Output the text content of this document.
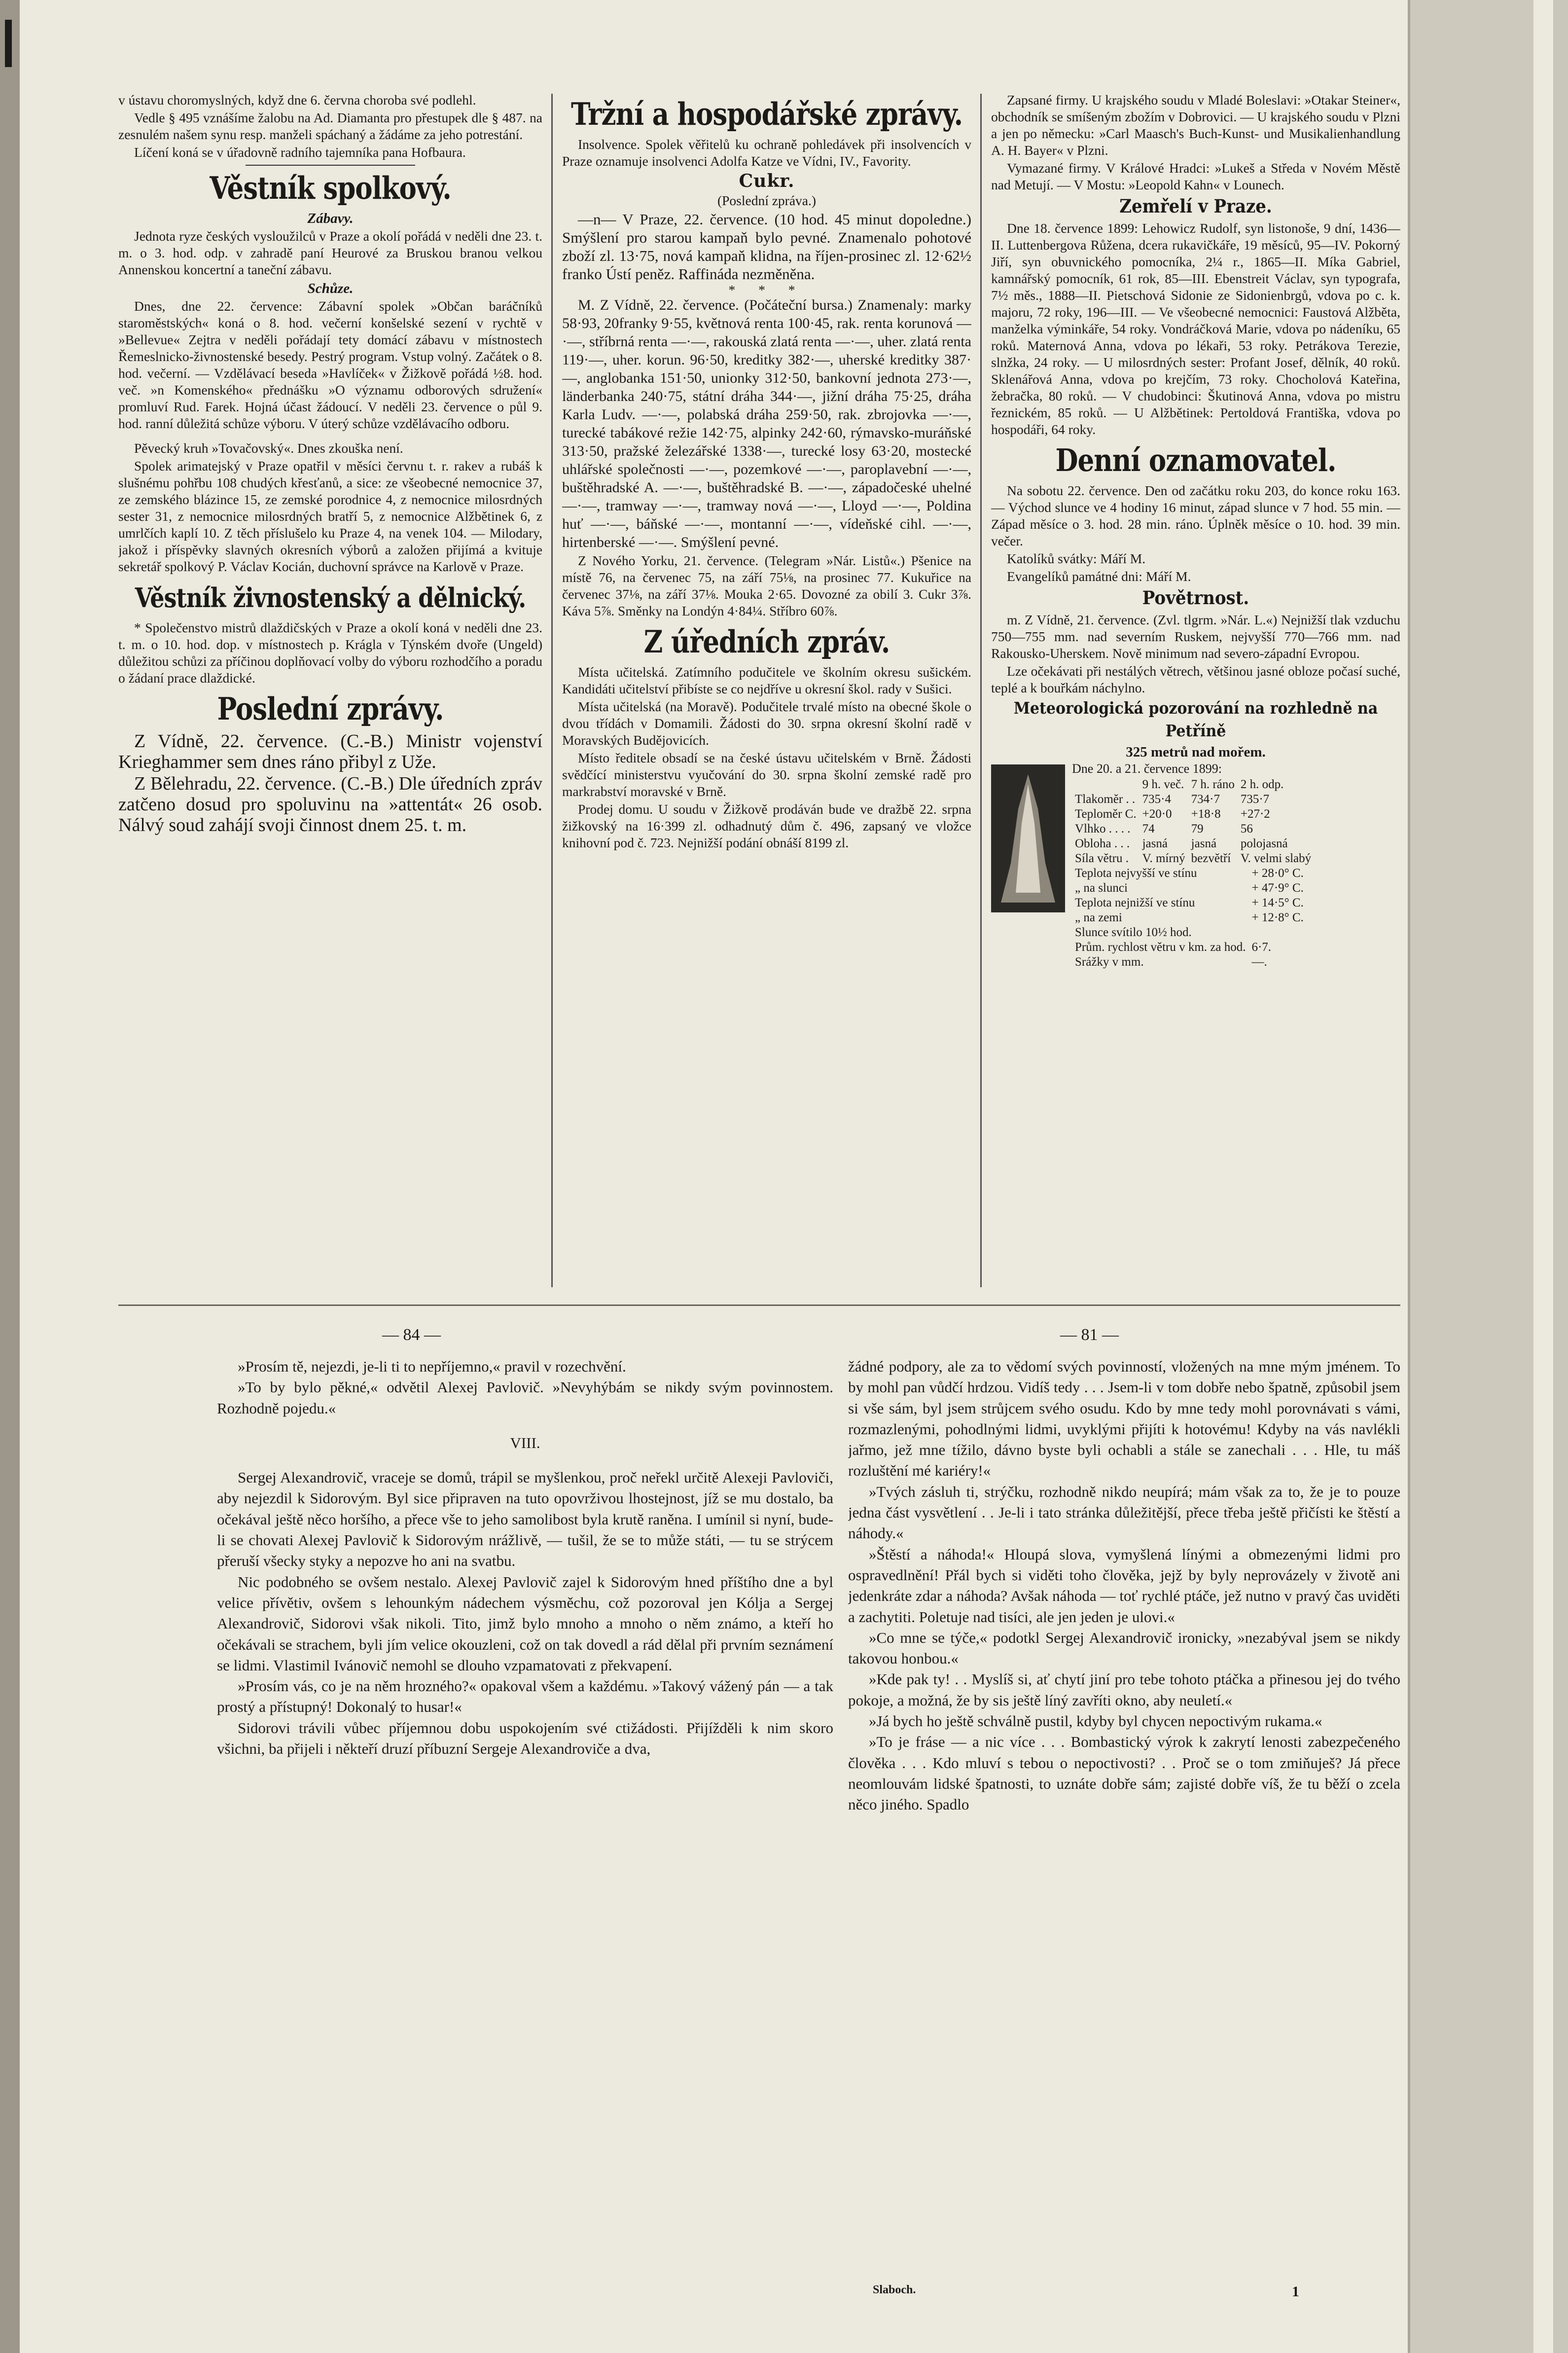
v ústavu choromyslných, když dne 6. června choroba své podlehl.

Vedle § 495 vznášíme žalobu na Ad. Diamanta pro přestupek dle § 487. na zesnulém našem synu resp. manželi spáchaný a žádáme za jeho potrestání.

Líčení koná se v úřadovně radního tajemníka pana Hofbaura.

Věstník spolkový.
Zábavy.

Jednota ryze českých vysloužilců v Praze a okolí pořádá v neděli dne 23. t. m. o 3. hod. odp. v zahradě paní Heurové za Bruskou branou velkou Annenskou koncertní a taneční zábavu.

Schůze.

Dnes, dne 22. července: Zábavní spolek »Občan baráčníků staroměstských« koná o 8. hod. večerní konšelské sezení v rychtě v »Bellevue« Zejtra v neděli pořádají tety domácí zábavu v místnostech Řemeslnicko-živnostenské besedy. Pestrý program. Vstup volný. Začátek o 8. hod. večerní. — Vzdělávací beseda »Havlíček« v Žižkově pořádá ½8. hod. več. »n Komenského« přednášku »O významu odborových sdružení« promluví Rud. Farek. Hojná účast žádoucí. V neděli 23. července o půl 9. hod. ranní důležitá schůze výboru. V úterý schůze vzdělávacího odboru.

Pěvecký kruh »Tovačovský«. Dnes zkouška není.

Spolek arimatejský v Praze opatřil v měsíci červnu t. r. rakev a rubáš k slušnému pohřbu 108 chudých křesťanů, a sice: ze všeobecné nemocnice 37, ze zemského blázince 15, ze zemské porodnice 4, z nemocnice milosrdných sester 31, z nemocnice milosrdných bratří 5, z nemocnice Alžbětinek 6, z umrlčích kaplí 10. Z těch příslušelo ku Praze 4, na venek 104. — Milodary, jakož i příspěvky slavných okresních výborů a založen přijímá a kvituje sekretář spolkový P. Václav Kocián, duchovní správce na Karlově v Praze.

Věstník živnostenský a dělnický.

* Společenstvo mistrů dlaždičských v Praze a okolí koná v neděli dne 23. t. m. o 10. hod. dop. v místnostech p. Krágla v Týnském dvoře (Ungeld) důležitou schůzi za příčinou doplňovací volby do výboru rozhodčího a poradu o žádaní prace dlaždické.

Poslední zprávy.

Z Vídně, 22. července. (C.-B.) Ministr vojenství Krieghammer sem dnes ráno přibyl z Uže.

Z Bělehradu, 22. července. (C.-B.) Dle úředních zpráv zatčeno dosud pro spoluvinu na »attentát« 26 osob. Nálvý soud zahájí svoji činnost dnem 25. t. m.

Tržní a hospodářské zprávy.

Insolvence. Spolek věřitelů ku ochraně pohledávek při insolvencích v Praze oznamuje insolvenci Adolfa Katze ve Vídni, IV., Favority.

Cukr.

(Poslední zpráva.)

—n— V Praze, 22. července. (10 hod. 45 minut dopoledne.) Smýšlení pro starou kampaň bylo pevné. Znamenalo pohotové zboží zl. 13·75, nová kampaň klidna, na říjen-prosinec zl. 12·62½ franko Ústí peněz. Raffináda nezměněna.

* * *

M. Z Vídně, 22. července. (Počáteční bursa.) Znamenaly: marky 58·93, 20franky 9·55, květnová renta 100·45, rak. renta korunová —·—, stříbrná renta —·—, rakouská zlatá renta —·—, uher. zlatá renta 119·—, uher. korun. 96·50, kreditky 382·—, uherské kreditky 387·—, anglobanka 151·50, unionky 312·50, bankovní jednota 273·—, länderbanka 240·75, státní dráha 344·—, jižní dráha 75·25, dráha Karla Ludv. —·—, polabská dráha 259·50, rak. zbrojovka —·—, turecké tabákové režie 142·75, alpinky 242·60, rýmavsko-muráňské 313·50, pražské železářské 1338·—, turecké losy 63·20, mostecké uhlářské společnosti —·—, pozemkové —·—, paroplavební —·—, buštěhradské A. —·—, buštěhradské B. —·—, západočeské uhelné —·—, tramway —·—, tramway nová —·—, Lloyd —·—, Poldina huť —·—, báňské —·—, montanní —·—, vídeňské cihl. —·—, hirtenberské —·—. Smýšlení pevné.

Z Nového Yorku, 21. července. (Telegram »Nár. Listů«.) Pšenice na místě 76, na červenec 75, na září 75⅛, na prosinec 77. Kukuřice na červenec 37⅛, na září 37⅛. Mouka 2·65. Dovozné za obilí 3. Cukr 3⅞. Káva 5⅞. Směnky na Londýn 4·84¼. Stříbro 60⅞.

Z úředních zpráv.

Místa učitelská. Zatímního podučitele ve školním okresu sušickém. Kandidáti učitelství přibíste se co nejdříve u okresní škol. rady v Sušici.

Místa učitelská (na Moravě). Podučitele trvalé místo na obecné škole o dvou třídách v Domamili. Žádosti do 30. srpna okresní školní radě v Moravských Budějovicích.

Místo ředitele obsadí se na české ústavu učitelském v Brně. Žádosti svědčící ministerstvu vyučování do 30. srpna školní zemské radě pro markrabství moravské v Brně.

Prodej domu. U soudu v Žižkově prodáván bude ve dražbě 22. srpna žižkovský na 16·399 zl. odhadnutý dům č. 496, zapsaný ve vložce knihovní pod č. 723. Nejnižší podání obnáší 8199 zl.

Zapsané firmy. U krajského soudu v Mladé Boleslavi: »Otakar Steiner«, obchodník se smíšeným zbožím v Dobrovici. — U krajského soudu v Plzni a jen po německu: »Carl Maasch's Buch-Kunst- und Musikalienhandlung A. H. Bayer« v Plzni.

Vymazané firmy. V Králové Hradci: »Lukeš a Středa v Novém Městě nad Metují. — V Mostu: »Leopold Kahn« v Lounech.

Zemřelí v Praze.

Dne 18. července 1899: Lehowicz Rudolf, syn listonoše, 9 dní, 1436—II. Luttenbergova Růžena, dcera rukavičkáře, 19 měsíců, 95—IV. Pokorný Jiří, syn obuvnického pomocníka, 2¼ r., 1865—II. Míka Gabriel, kamnářský pomocník, 61 rok, 85—III. Ebenstreit Václav, syn typografa, 7½ měs., 1888—II. Pietschová Sidonie ze Sidonienbrgů, vdova po c. k. majoru, 72 roky, 196—III. — Ve všeobecné nemocnici: Faustová Alžběta, manželka výminkáře, 54 roky. Vondráčková Marie, vdova po nádeníku, 65 roků. Maternová Anna, vdova po lékaři, 53 roky. Petrákova Terezie, slnžka, 24 roky. — U milosrdných sester: Profant Josef, dělník, 40 roků. Sklenářová Anna, vdova po krejčím, 73 roky. Chocholová Kateřina, žebračka, 80 roků. — V chudobinci: Škutinová Anna, vdova po mistru řeznickém, 85 roků. — U Alžbětinek: Pertoldová Františka, vdova po hospodáři, 64 roky.

Denní oznamovatel.

Na sobotu 22. července. Den od začátku roku 203, do konce roku 163. — Východ slunce ve 4 hodiny 16 minut, západ slunce v 7 hod. 55 min. — Západ měsíce o 3. hod. 28 min. ráno. Úplněk měsíce o 10. hod. 39 min. večer.

Katolíků svátky: Máří M.

Evangelíků památné dni: Máří M.

Povětrnost.

m. Z Vídně, 21. července. (Zvl. tlgrm. »Nár. L.«) Nejnižší tlak vzduchu 750—755 mm. nad severním Ruskem, nejvyšší 770—766 mm. nad Rakousko-Uherskem. Nově minimum nad severo-západní Evropou.

Lze očekávati při nestálých větrech, většinou jasné obloze počasí suché, teplé a k bouřkám náchylno.

Meteorologická pozorování na rozhledně na Petříně
325 metrů nad mořem.

Dne 20. a 21. července 1899:

	9 h. več.	7 h. ráno	2 h. odp.
Tlakoměr . .	735·4	734·7	735·7
Teploměr C.	+20·0	+18·8	+27·2
Vlhko . . . .	74	79	56
Obloha . . .	jasná	jasná	polojasná
Síla větru .	V. mírný	bezvětří	V. velmi slabý
Teplota nejvyšší ve stínu	+ 28·0° C.
„ na slunci	+ 47·9° C.
Teplota nejnižší ve stínu	+ 14·5° C.
„ na zemi	+ 12·8° C.
Slunce svítilo 10½ hod.	
Prům. rychlost větru v km. za hod.	6·7.
Srážky v mm.	—.
— 84 —	— 81 —

»Prosím tě, nejezdi, je-li ti to nepříjemno,« pravil v rozechvění.

»To by bylo pěkné,« odvětil Alexej Pavlovič. »Nevyhýbám se nikdy svým povinnostem. Rozhodně pojedu.«

VIII.

Sergej Alexandrovič, vraceje se domů, trápil se myšlenkou, proč neřekl určitě Alexeji Pavloviči, aby nejezdil k Sidorovým. Byl sice připraven na tuto opovrživou lhostejnost, jíž se mu dostalo, ba očekával ještě něco horšího, a přece vše to jeho samolibost byla krutě raněna. I umínil si nyní, bude-li se chovati Alexej Pavlovič k Sidorovým nrážlivě, — tušil, že se to může státi, — tu se strýcem přeruší všecky styky a nepozve ho ani na svatbu.

Nic podobného se ovšem nestalo. Alexej Pavlovič zajel k Sidorovým hned příštího dne a byl velice přívětiv, ovšem s lehounkým nádechem výsměchu, což pozoroval jen Kólja a Sergej Alexandrovič, Sidorovi však nikoli. Tito, jimž bylo mnoho a mnoho o něm známo, a kteří ho očekávali se strachem, byli jím velice okouzleni, což on tak dovedl a rád dělal při prvním seznámení se lidmi. Vlastimil Ivánovič nemohl se dlouho vzpamatovati z překvapení.

»Prosím vás, co je na něm hrozného?« opakoval všem a každému. »Takový vážený pán — a tak prostý a přístupný! Dokonalý to husar!«

Sidorovi trávili vůbec příjemnou dobu uspokojením své ctižádosti. Přijížděli k nim skoro všichni, ba přijeli i někteří druzí příbuzní Sergeje Alexandroviče a dva,

žádné podpory, ale za to vědomí svých povinností, vložených na mne mým jménem. To by mohl pan vůdčí hrdzou. Vidíš tedy . . . Jsem-li v tom dobře nebo špatně, způsobil jsem si vše sám, byl jsem strůjcem svého osudu. Kdo by mne tedy mohl porovnávati s vámi, rozmazlenými, pohodlnými lidmi, uvyklými přijíti k hotovému! Kdyby na vás navlékli jařmo, jež mne tížilo, dávno byste byli ochabli a stále se zanechali . . . Hle, tu máš rozluštění mé kariéry!«

»Tvých zásluh ti, strýčku, rozhodně nikdo neupírá; mám však za to, že je to pouze jedna část vysvětlení . . Je-li i tato stránka důležitější, přece třeba ještě přičísti ke štěstí a náhody.«

»Štěstí a náhoda!« Hloupá slova, vymyšlená línými a obmezenými lidmi pro ospravedlnění! Přál bych si viděti toho člověka, jejž by byly neprovázely v životě ani jedenkráte zdar a náhoda? Avšak náhoda — toť rychlé ptáče, jež nutno v pravý čas uviděti a zachytiti. Poletuje nad tisíci, ale jen jeden je ulovi.«

»Co mne se týče,« podotkl Sergej Alexandrovič ironicky, »nezabýval jsem se nikdy takovou honbou.«

»Kde pak ty! . . Myslíš si, ať chytí jiní pro tebe tohoto ptáčka a přinesou jej do tvého pokoje, a možná, že by sis ještě líný zavříti okno, aby neuletí.«

»Já bych ho ještě schválně pustil, kdyby byl chycen nepoctivým rukama.«

»To je fráse — a nic více . . . Bombastický výrok k zakrytí lenosti zabezpečeného člověka . . . Kdo mluví s tebou o nepoctivosti? . . Proč se o tom zmiňuješ? Já přece neomlouvám lidské špatnosti, to uznáte dobře sám; zajisté dobře víš, že tu běží o zcela něco jiného. Spadlo

Slaboch.	1
